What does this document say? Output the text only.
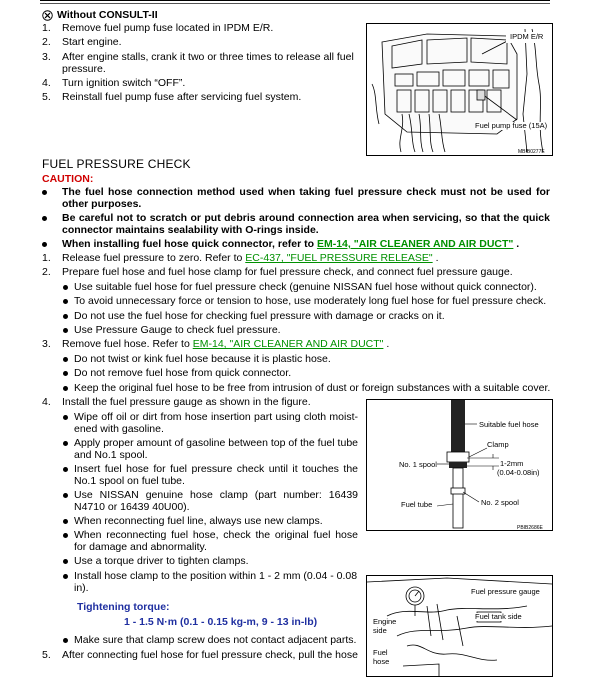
Without CONSULT-II
1. Remove fuel pump fuse located in IPDM E/R.
2. Start engine.
3. After engine stalls, crank it two or three times to release all fuel pressure.
4. Turn ignition switch “OFF”.
5. Reinstall fuel pump fuse after servicing fuel system.
IPDM E/R
Fuel pump fuse (15A)
MBIB0277E
FUEL PRESSURE CHECK
CAUTION:
The fuel hose connection method used when taking fuel pressure check must not be used for other purposes.
Be careful not to scratch or put debris around connection area when servicing, so that the quick connector maintains sealability with O-rings inside.
When installing fuel hose quick connector, refer to EM-14, "AIR CLEANER AND AIR DUCT" .
1. Release fuel pressure to zero. Refer to EC-437, "FUEL PRESSURE RELEASE" .
2. Prepare fuel hose and fuel hose clamp for fuel pressure check, and connect fuel pressure gauge.
Use suitable fuel hose for fuel pressure check (genuine NISSAN fuel hose without quick connector).
To avoid unnecessary force or tension to hose, use moderately long fuel hose for fuel pressure check.
Do not use the fuel hose for checking fuel pressure with damage or cracks on it.
Use Pressure Gauge to check fuel pressure.
3. Remove fuel hose. Refer to EM-14, "AIR CLEANER AND AIR DUCT" .
Do not twist or kink fuel hose because it is plastic hose.
Do not remove fuel hose from quick connector.
Keep the original fuel hose to be free from intrusion of dust or foreign substances with a suitable cover.
4. Install the fuel pressure gauge as shown in the figure.
Wipe off oil or dirt from hose insertion part using cloth moist-ened with gasoline.
Apply proper amount of gasoline between top of the fuel tube and No.1 spool.
Insert fuel hose for fuel pressure check until it touches the No.1 spool on fuel tube.
Use NISSAN genuine hose clamp (part number: 16439 N4710 or 16439 40U00).
When reconnecting fuel line, always use new clamps.
When reconnecting fuel hose, check the original fuel hose for damage and abnormality.
Use a torque driver to tighten clamps.
Install hose clamp to the position within 1 - 2 mm (0.04 - 0.08 in).
Tightening torque:
1 - 1.5 N·m (0.1 - 0.15 kg-m, 9 - 13 in-lb)
Make sure that clamp screw does not contact adjacent parts.
5. After connecting fuel hose for fuel pressure check, pull the hose
Suitable fuel hose
Clamp
No. 1 spool	1-2mm
(0.04-0.08in)
Fuel tube	No. 2 spool
PBIB2686E
Fuel pressure gauge
Fuel tank side
Engine
side
Fuel
hose
